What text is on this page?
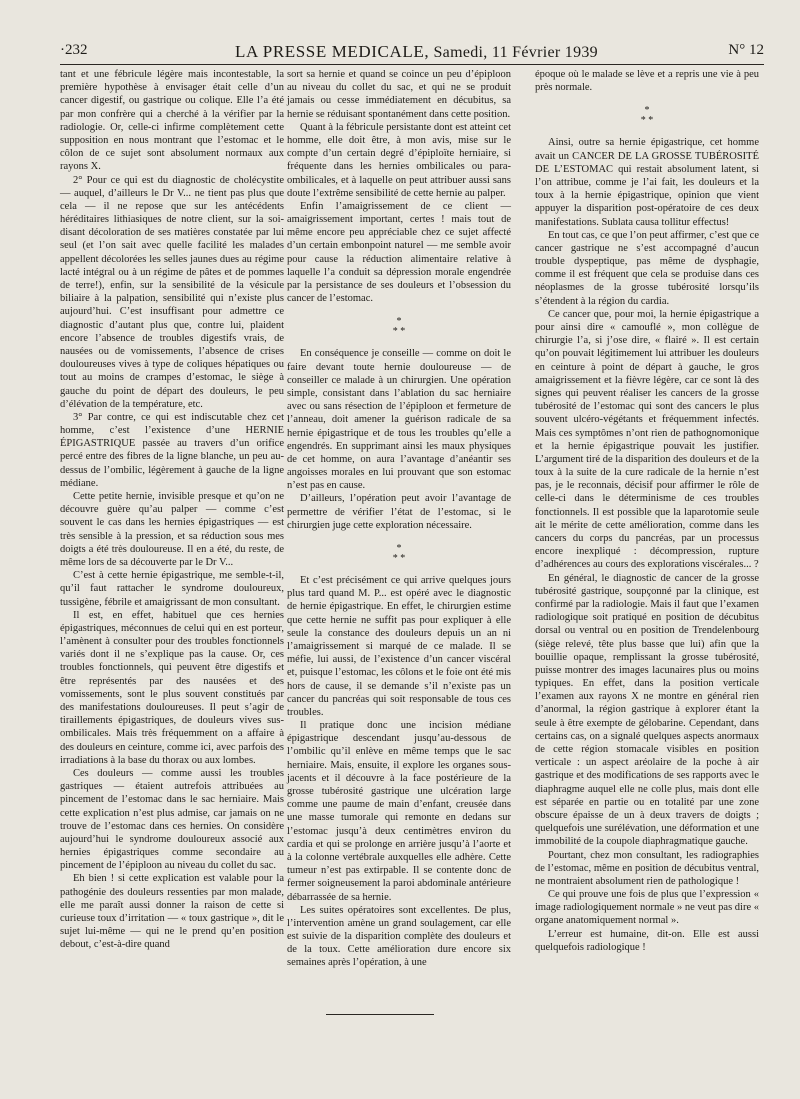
·232	LA PRESSE MEDICALE, Samedi, 11 Février 1939	N° 12

tant et une fébricule légère mais incontestable, la première hypothèse à envisager était celle d’un cancer digestif, ou gastrique ou colique. Elle l’a été par mon confrère qui a cherché à la vérifier par la radiologie. Or, celle-ci infirme complètement cette supposition en nous montrant que l’estomac et le côlon de ce sujet sont absolument normaux aux rayons X.

2° Pour ce qui est du diagnostic de cholécystite — auquel, d’ailleurs le Dr V... ne tient pas plus que cela — il ne repose que sur les antécédents héréditaires lithiasiques de notre client, sur la soi-disant décoloration de ses matières constatée par lui seul (et l’on sait avec quelle facilité les malades appellent décolorées les selles jaunes dues au régime lacté intégral ou à un régime de pâtes et de pommes de terre!), enfin, sur la sensibilité de la vésicule biliaire à la palpation, sensibilité qui n’existe plus aujourd’hui. C’est insuffisant pour admettre ce diagnostic d’autant plus que, contre lui, plaident encore l’absence de troubles digestifs vrais, de nausées ou de vomissements, l’absence de crises douloureuses vives à type de coliques hépatiques ou tout au moins de crampes d’estomac, le siège à gauche du point de départ des douleurs, le peu d’élévation de la température, etc.

3° Par contre, ce qui est indiscutable chez cet homme, c’est l’existence d’une HERNIE ÉPIGASTRIQUE passée au travers d’un orifice percé entre des fibres de la ligne blanche, un peu au-dessus de l’ombilic, légèrement à gauche de la ligne médiane.

Cette petite hernie, invisible presque et qu’on ne découvre guère qu’au palper — comme c’est souvent le cas dans les hernies épigastriques — est très sensible à la pression, et sa réduction sous mes doigts a été très douloureuse. Il en a été, du reste, de même lors de sa découverte par le Dr V...

C’est à cette hernie épigastrique, me semble-t-il, qu’il faut rattacher le syndrome douloureux, tussigène, fébrile et amaigrissant de mon consultant.

Il est, en effet, habituel que ces hernies épigastriques, méconnues de celui qui en est porteur, l’amènent à consulter pour des troubles fonctionnels variés dont il ne s’explique pas la cause. Or, ces troubles fonctionnels, qui peuvent être digestifs et être représentés par des nausées et des vomissements, sont le plus souvent constitués par des manifestations douloureuses. Il peut s’agir de tiraillements épigastriques, de douleurs vives sus-ombilicales. Mais très fréquemment on a affaire à des douleurs en ceinture, comme ici, avec parfois des irradiations à la base du thorax ou aux lombes.

Ces douleurs — comme aussi les troubles gastriques — étaient autrefois attribuées au pincement de l’estomac dans le sac herniaire. Mais cette explication n’est plus admise, car jamais on ne trouve de l’estomac dans ces hernies. On considère aujourd’hui le syndrome douloureux associé aux hernies épigastriques comme secondaire au pincement de l’épiploon au niveau du collet du sac.

Eh bien ! si cette explication est valable pour la pathogénie des douleurs ressenties par mon malade, elle me paraît aussi donner la raison de cette si curieuse toux d’irritation — « toux gastrique », dit le sujet lui-même — qui ne le prend qu’en position debout, c’est-à-dire quand

sort sa hernie et quand se coince un peu d’épiploon au niveau du collet du sac, et qui ne se produit jamais ou cesse immédiatement en décubitus, sa hernie se réduisant spontanément dans cette position.

Quant à la fébricule persistante dont est atteint cet homme, elle doit être, à mon avis, mise sur le compte d’un certain degré d’épiploïte herniaire, si fréquente dans les hernies ombilicales ou para-ombilicales, et à laquelle on peut attribuer aussi sans doute l’extrême sensibilité de cette hernie au palper.

Enfin l’amaigrissement de ce client — amaigrissement important, certes ! mais tout de même encore peu appréciable chez ce sujet affecté d’un certain embonpoint naturel — me semble avoir pour cause la réduction alimentaire relative à laquelle l’a conduit sa dépression morale engendrée par la persistance de ses douleurs et l’obsession du cancer de l’estomac.

*
* *

En conséquence je conseille — comme on doit le faire devant toute hernie douloureuse — de conseiller ce malade à un chirurgien. Une opération simple, consistant dans l’ablation du sac herniaire avec ou sans résection de l’épiploon et fermeture de l’anneau, doit amener la guérison radicale de sa hernie épigastrique et de tous les troubles qu’elle a engendrés. En supprimant ainsi les maux physiques de cet homme, on aura l’avantage d’anéantir ses angoisses morales en lui prouvant que son estomac n’est pas en cause.

D’ailleurs, l’opération peut avoir l’avantage de permettre de vérifier l’état de l’estomac, si le chirurgien juge cette exploration nécessaire.

*
* *

Et c’est précisément ce qui arrive quelques jours plus tard quand M. P... est opéré avec le diagnostic de hernie épigastrique. En effet, le chirurgien estime que cette hernie ne suffit pas pour expliquer à elle seule la constance des douleurs depuis un an ni l’amaigrissement si marqué de ce malade. Il se méfie, lui aussi, de l’existence d’un cancer viscéral et, puisque l’estomac, les côlons et le foie ont été mis hors de cause, il se demande s’il n’existe pas un cancer du pancréas qui soit responsable de tous ces troubles.

Il pratique donc une incision médiane épigastrique descendant jusqu’au-dessous de l’ombilic qu’il enlève en même temps que le sac herniaire. Mais, ensuite, il explore les organes sous-jacents et il découvre à la face postérieure de la grosse tubérosité gastrique une ulcération large comme une paume de main d’enfant, creusée dans une masse tumorale qui remonte en dedans sur l’estomac jusqu’à deux centimètres environ du cardia et qui se prolonge en arrière jusqu’à l’aorte et à la colonne vertébrale auxquelles elle adhère. Cette tumeur n’est pas extirpable. Il se contente donc de fermer soigneusement la paroi abdominale antérieure débarrassée de sa hernie.

Les suites opératoires sont excellentes. De plus, l’intervention amène un grand soulagement, car elle est suivie de la disparition complète des douleurs et de la toux. Cette amélioration dure encore six semaines après l’opération, à une

époque où le malade se lève et a repris une vie à peu près normale.

*
* *

Ainsi, outre sa hernie épigastrique, cet homme avait un CANCER DE LA GROSSE TUBÉROSITÉ DE L’ESTOMAC qui restait absolument latent, si l’on attribue, comme je l’ai fait, les douleurs et la toux à la hernie épigastrique, opinion que vient appuyer la disparition post-opératoire de ces deux manifestations. Sublata causa tollitur effectus!

En tout cas, ce que l’on peut affirmer, c’est que ce cancer gastrique ne s’est accompagné d’aucun trouble dyspeptique, pas même de dysphagie, comme il est fréquent que cela se produise dans ces néoplasmes de la grosse tubérosité lorsqu’ils s’étendent à la région du cardia.

Ce cancer que, pour moi, la hernie épigastrique a pour ainsi dire « camouflé », mon collègue de chirurgie l’a, si j’ose dire, « flairé ». Il est certain qu’on pouvait légitimement lui attribuer les douleurs en ceinture à point de départ à gauche, le gros amaigrissement et la fièvre légère, car ce sont là des signes qui peuvent réaliser les cancers de la grosse tubérosité de l’estomac qui sont des cancers le plus souvent ulcéro-végétants et fréquemment infectés. Mais ces symptômes n’ont rien de pathognomonique et la hernie épigastrique pouvait les justifier. L’argument tiré de la disparition des douleurs et de la toux à la suite de la cure radicale de la hernie n’est pas, je le reconnais, décisif pour affirmer le rôle de celle-ci dans le déterminisme de ces troubles fonctionnels. Il est possible que la laparotomie seule ait le mérite de cette amélioration, comme dans les cancers du corps du pancréas, par un processus encore inexpliqué : décompression, rupture d’adhérences au cours des explorations viscérales... ?

En général, le diagnostic de cancer de la grosse tubérosité gastrique, soupçonné par la clinique, est confirmé par la radiologie. Mais il faut que l’examen radiologique soit pratiqué en position de décubitus dorsal ou ventral ou en position de Trendelenbourg (siège relevé, tête plus basse que lui) afin que la bouillie opaque, remplissant la grosse tubérosité, puisse montrer des images lacunaires plus ou moins typiques. En effet, dans la position verticale l’examen aux rayons X ne montre en général rien d’anormal, la région gastrique à explorer étant la seule à être exempte de gélobarine. Cependant, dans certains cas, on a signalé quelques aspects anormaux de cette région stomacale visibles en position verticale : un aspect aréolaire de la poche à air gastrique et des modifications de ses rapports avec le diaphragme auquel elle ne colle plus, mais dont elle est séparée en partie ou en totalité par une zone obscure épaisse de un à deux travers de doigts ; quelquefois une surélévation, une déformation et une immobilité de la coupole diaphragmatique gauche.

Pourtant, chez mon consultant, les radiographies de l’estomac, même en position de décubitus ventral, ne montraient absolument rien de pathologique !

Ce qui prouve une fois de plus que l’expression « image radiologiquement normale » ne veut pas dire « organe anatomiquement normal ».

L’erreur est humaine, dit-on. Elle est aussi quelquefois radiologique !
